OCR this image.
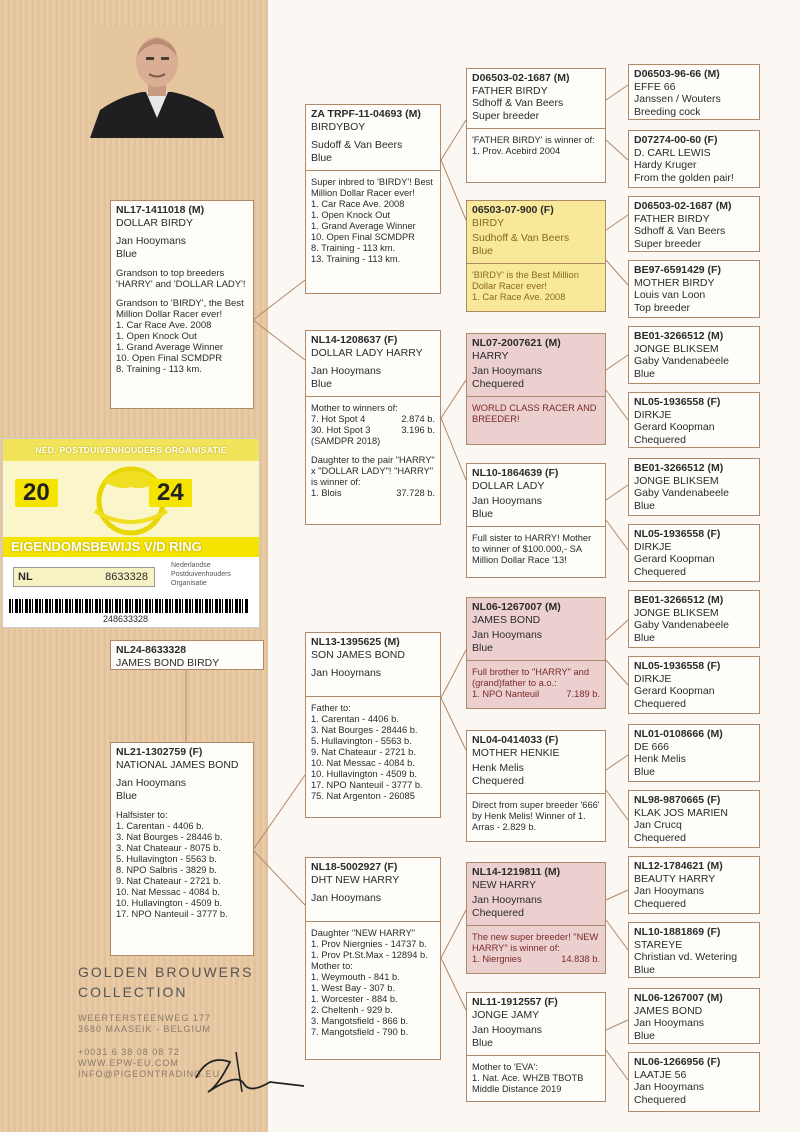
NL17-1411018 (M)
DOLLAR BIRDY
Jan Hooymans
Blue
Grandson to top breeders 'HARRY' and 'DOLLAR LADY'!
Grandson to 'BIRDY', the Best Million Dollar Racer ever!
1. Car Race Ave. 2008
1. Open Knock Out
1. Grand Average Winner
10. Open Final SCMDPR
8. Training - 113 km.
NED. POSTDUIVENHOUDERS ORGANISATIE
20	24
EIGENDOMSBEWIJS V/D RING
NL	8633328
Nederlandse
Postduivenhouders
Organisatie
248633328
NL24-8633328
JAMES BOND BIRDY
NL21-1302759 (F)
NATIONAL JAMES BOND
Jan Hooymans
Blue
Halfsister to:
1. Carentan - 4406 b.
3. Nat Bourges - 28446 b.
3. Nat Chateaur - 8075 b.
5. Hullavington - 5563 b.
8. NPO Salbris - 3829 b.
9. Nat Chateaur - 2721 b.
10. Nat Messac - 4084 b.
10. Hullavington - 4509 b.
17. NPO Nanteuil - 3777 b.
ZA TRPF-11-04693 (M)
BIRDYBOY
Sudoff & Van Beers
Blue
Super inbred to 'BIRDY'! Best Million Dollar Racer ever!
1. Car Race Ave. 2008
1. Open Knock Out
1. Grand Average Winner
10. Open Final SCMDPR
8. Training - 113 km.
13. Training - 113 km.
NL14-1208637 (F)
DOLLAR LADY HARRY
Jan Hooymans
Blue
Mother to winners of:
7. Hot Spot 4	2.874 b.
30. Hot Spot 3	3.196 b.
(SAMDPR 2018)
Daughter to the pair "HARRY" x "DOLLAR LADY"! "HARRY" is winner of:
1. Blois	37.728 b.
NL13-1395625 (M)
SON JAMES BOND
Jan Hooymans
Father to:
1. Carentan - 4406 b.
3. Nat Bourges - 28446 b.
5. Hullavington - 5563 b.
9. Nat Chateaur - 2721 b.
10. Nat Messac - 4084 b.
10. Hullavington - 4509 b.
17. NPO Nanteuil - 3777 b.
75. Nat Argenton - 26085
NL18-5002927 (F)
DHT NEW HARRY
Jan Hooymans
Daughter "NEW HARRY"
1. Prov Niergnies - 14737 b.
1. Prov Pt.St.Max - 12894 b.
Mother to:
1. Weymouth - 841 b.
1. West Bay - 307 b.
1. Worcester - 884 b.
2. Cheltenh - 929 b.
3. Mangotsfield - 866 b.
7. Mangotsfield - 790 b.
D06503-02-1687 (M)
FATHER BIRDY
Sdhoff & Van Beers
Super breeder
'FATHER BIRDY' is winner of:
1. Prov. Acebird 2004
06503-07-900 (F)
BIRDY
Sudhoff & Van Beers
Blue
'BIRDY' is the Best Million Dollar Racer ever!
1. Car Race Ave. 2008
NL07-2007621 (M)
HARRY
Jan Hooymans
Chequered
WORLD CLASS RACER AND BREEDER!
NL10-1864639 (F)
DOLLAR LADY
Jan Hooymans
Blue
Full sister to HARRY! Mother to winner of $100.000,- SA Million Dollar Race '13!
NL06-1267007 (M)
JAMES BOND
Jan Hooymans
Blue
Full brother to "HARRY" and (grand)father to a.o.:
1. NPO Nanteuil	7.189 b.
NL04-0414033 (F)
MOTHER HENKIE
Henk Melis
Chequered
Direct from super breeder '666' by Henk Melis! Winner of 1. Arras - 2.829 b.
NL14-1219811 (M)
NEW HARRY
Jan Hooymans
Chequered
The new super breeder! "NEW HARRY" is winner of:
1. Niergnies	14.838 b.
NL11-1912557 (F)
JONGE JAMY
Jan Hooymans
Blue
Mother to 'EVA':
1. Nat. Ace. WHZB TBOTB Middle Distance 2019
D06503-96-66 (M)
EFFE 66
Janssen / Wouters
Breeding cock
D07274-00-60 (F)
D. CARL LEWIS
Hardy Kruger
From the golden pair!
D06503-02-1687 (M)
FATHER BIRDY
Sdhoff & Van Beers
Super breeder
BE97-6591429 (F)
MOTHER BIRDY
Louis van Loon
Top breeder
BE01-3266512 (M)
JONGE BLIKSEM
Gaby Vandenabeele
Blue
NL05-1936558 (F)
DIRKJE
Gerard Koopman
Chequered
BE01-3266512 (M)
JONGE BLIKSEM
Gaby Vandenabeele
Blue
NL05-1936558 (F)
DIRKJE
Gerard Koopman
Chequered
BE01-3266512 (M)
JONGE BLIKSEM
Gaby Vandenabeele
Blue
NL05-1936558 (F)
DIRKJE
Gerard Koopman
Chequered
NL01-0108666 (M)
DE 666
Henk Melis
Blue
NL98-9870665 (F)
KLAK JOS MARIEN
Jan Crucq
Chequered
NL12-1784621 (M)
BEAUTY HARRY
Jan Hooymans
Chequered
NL10-1881869 (F)
STAREYE
Christian vd. Wetering
Blue
NL06-1267007 (M)
JAMES BOND
Jan Hooymans
Blue
NL06-1266956 (F)
LAATJE 56
Jan Hooymans
Chequered
GOLDEN BROUWERS
COLLECTION
WEERTERSTEENWEG 177
3680 MAASEIK - BELGIUM
+0031 6 38 08 08 72
WWW.EPW-EU.COM
INFO@PIGEONTRADING.EU
